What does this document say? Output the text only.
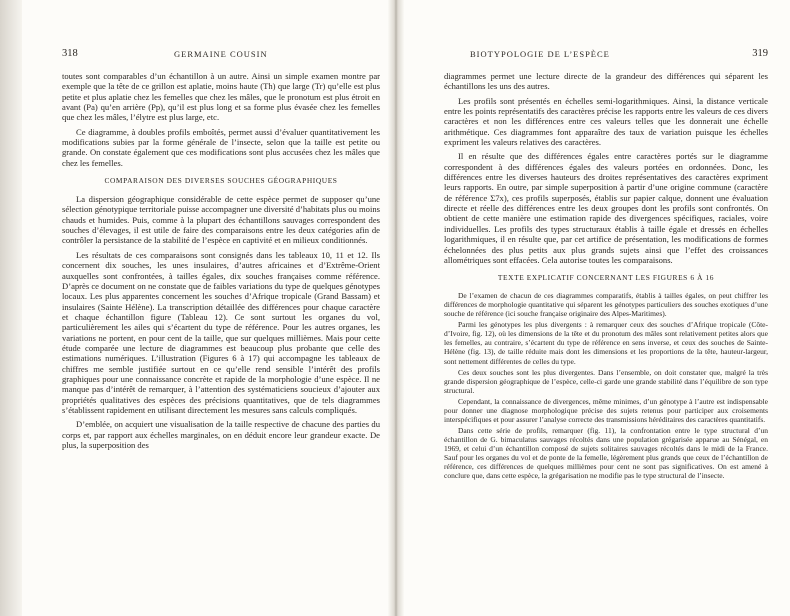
318	GERMAINE COUSIN

toutes sont comparables d’un échantillon à un autre. Ainsi un simple examen montre par exemple que la tête de ce grillon est aplatie, moins haute (Th) que large (Tr) qu’elle est plus petite et plus aplatie chez les femelles que chez les mâles, que le pronotum est plus étroit en avant (Pa) qu’en arrière (Pp), qu’il est plus long et sa forme plus évasée chez les femelles que chez les mâles, l’élytre est plus large, etc.

Ce diagramme, à doubles profils emboîtés, permet aussi d’évaluer quantitativement les modifications subies par la forme générale de l’insecte, selon que la taille est petite ou grande. On constate également que ces modifications sont plus accusées chez les mâles que chez les femelles.

COMPARAISON DES DIVERSES SOUCHES GÉOGRAPHIQUES

La dispersion géographique considérable de cette espèce permet de supposer qu’une sélection génotypique territoriale puisse accompagner une diversité d’habitats plus ou moins chauds et humides. Puis, comme à la plupart des échantillons sauvages correspondent des souches d’élevages, il est utile de faire des comparaisons entre les deux catégories afin de contrôler la persistance de la stabilité de l’espèce en captivité et en milieux conditionnés.

Les résultats de ces comparaisons sont consignés dans les tableaux 10, 11 et 12. Ils concernent dix souches, les unes insulaires, d’autres africaines et d’Extrême-Orient auxquelles sont confrontées, à tailles égales, dix souches françaises comme référence. D’après ce document on ne constate que de faibles variations du type de quelques génotypes locaux. Les plus apparentes concernent les souches d’Afrique tropicale (Grand Bassam) et insulaires (Sainte Hélène). La transcription détaillée des différences pour chaque caractère et chaque échantillon figure (Tableau 12). Ce sont surtout les organes du vol, particulièrement les ailes qui s’écartent du type de référence. Pour les autres organes, les variations ne portent, en pour cent de la taille, que sur quelques millièmes. Mais pour cette étude comparée une lecture de diagrammes est beaucoup plus probante que celle des estimations numériques. L’illustration (Figures 6 à 17) qui accompagne les tableaux de chiffres me semble justifiée surtout en ce qu’elle rend sensible l’intérêt des profils graphiques pour une connaissance concrète et rapide de la morphologie d’une espèce. Il ne manque pas d’intérêt de remarquer, à l’attention des systématiciens soucieux d’ajouter aux propriétés qualitatives des espèces des précisions quantitatives, que de tels diagrammes s’établissent rapidement en utilisant directement les mesures sans calculs compliqués.

D’emblée, on acquiert une visualisation de la taille respective de chacune des parties du corps et, par rapport aux échelles marginales, on en déduit encore leur grandeur exacte. De plus, la superposition des

BIOTYPOLOGIE DE L’ESPÈCE	319

diagrammes permet une lecture directe de la grandeur des différences qui séparent les échantillons les uns des autres.

Les profils sont présentés en échelles semi-logarithmiques. Ainsi, la distance verticale entre les points représentatifs des caractères précise les rapports entre les valeurs de ces divers caractères et non les différences entre ces valeurs telles que les donnerait une échelle arithmétique. Ces diagrammes font apparaître des taux de variation puisque les échelles expriment les valeurs relatives des caractères.

Il en résulte que des différences égales entre caractères portés sur le diagramme correspondent à des différences égales des valeurs portées en ordonnées. Donc, les différences entre les diverses hauteurs des droites représentatives des caractères expriment leurs rapports. En outre, par simple superposition à partir d’une origine commune (caractère de référence Σ7x), ces profils superposés, établis sur papier calque, donnent une évaluation directe et réelle des différences entre les deux groupes dont les profils sont confrontés. On obtient de cette manière une estimation rapide des divergences spécifiques, raciales, voire individuelles. Les profils des types structuraux établis à taille égale et dressés en échelles logarithmiques, il en résulte que, par cet artifice de présentation, les modifications de formes échelonnées des plus petits aux plus grands sujets ainsi que l’effet des croissances allométriques sont effacées. Cela autorise toutes les comparaisons.

TEXTE EXPLICATIF CONCERNANT LES FIGURES 6 À 16

De l’examen de chacun de ces diagrammes comparatifs, établis à tailles égales, on peut chiffrer les différences de morphologie quantitative qui séparent les génotypes particuliers des souches exotiques d’une souche de référence (ici souche française originaire des Alpes-Maritimes).

Parmi les génotypes les plus divergents : à remarquer ceux des souches d’Afrique tropicale (Côte-d’Ivoire, fig. 12), où les dimensions de la tête et du pronotum des mâles sont relativement petites alors que les femelles, au contraire, s’écartent du type de référence en sens inverse, et ceux des souches de Sainte-Hélène (fig. 13), de taille réduite mais dont les dimensions et les proportions de la tête, hauteur-largeur, sont nettement différentes de celles du type.

Ces deux souches sont les plus divergentes. Dans l’ensemble, on doit constater que, malgré la très grande dispersion géographique de l’espèce, celle-ci garde une grande stabilité dans l’équilibre de son type structural.

Cependant, la connaissance de divergences, même minimes, d’un génotype à l’autre est indispensable pour donner une diagnose morphologique précise des sujets retenus pour participer aux croisements interspécifiques et pour assurer l’analyse correcte des transmissions héréditaires des caractères quantitatifs.

Dans cette série de profils, remarquer (fig. 11), la confrontation entre le type structural d’un échantillon de G. bimaculatus sauvages récoltés dans une population grégarisée apparue au Sénégal, en 1969, et celui d’un échantillon composé de sujets solitaires sauvages récoltés dans le midi de la France. Sauf pour les organes du vol et de ponte de la femelle, légèrement plus grands que ceux de l’échantillon de référence, ces différences de quelques millièmes pour cent ne sont pas significatives. On est amené à conclure que, dans cette espèce, la grégarisation ne modifie pas le type structural de l’insecte.
